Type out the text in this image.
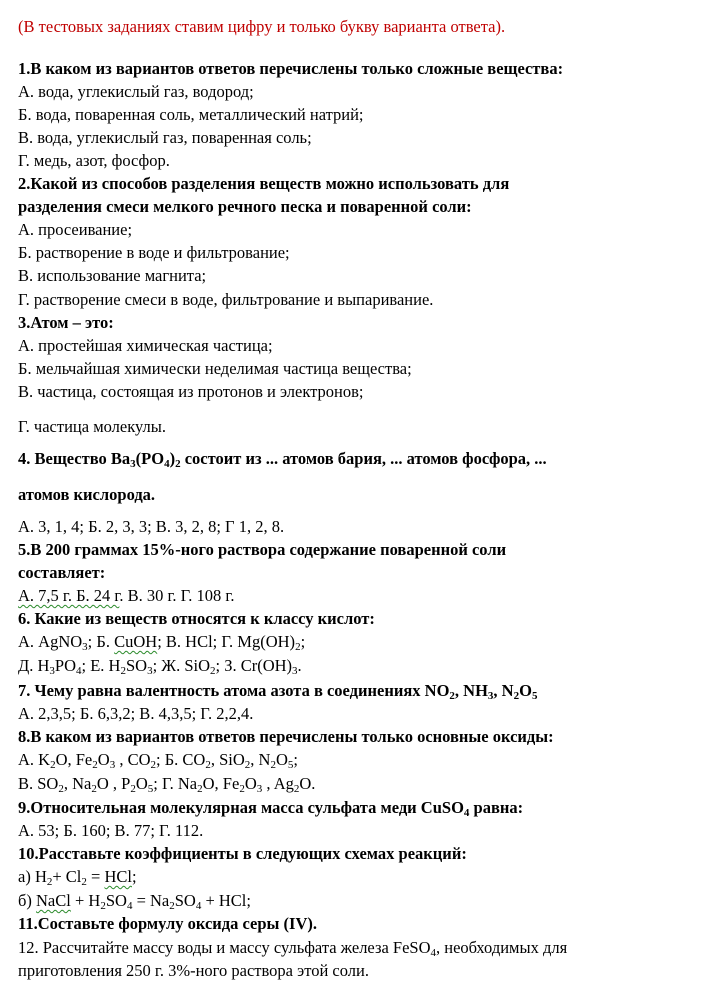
(В тестовых заданиях ставим цифру и только букву варианта ответа).
1.В каком из вариантов ответов перечислены только сложные вещества:
А. вода, углекислый газ, водород;
Б. вода, поваренная соль, металлический натрий;
В. вода, углекислый газ, поваренная соль;
Г. медь, азот, фосфор.
2.Какой из способов разделения веществ можно использовать для
разделения смеси мелкого речного песка и поваренной соли:
А. просеивание;
Б. растворение в воде и фильтрование;
В. использование магнита;
Г. растворение смеси в воде, фильтрование и выпаривание.
3.Атом – это:
А. простейшая химическая частица;
Б. мельчайшая химически неделимая частица вещества;
В. частица, состоящая из протонов и электронов;
Г. частица молекулы.
4. Вещество $Ba_3(PO_4)_2$ состоит из ... атомов бария, ... атомов фосфора, ...
атомов кислорода.
А. 3, 1, 4; Б. 2, 3, 3; В. 3, 2, 8; Г 1, 2, 8.
5.В 200 граммах 15%-ного раствора содержание поваренной соли
составляет:
А. 7,5 г. Б. 24 г. В. 30 г. Г. 108 г.
6. Какие из веществ относятся к классу кислот:
А. AgNO$_3$; Б. CuOH; В. HCl; Г. $Mg(OH)_2$;
Д. $H_3PO_4$; Е. $H_2SO_3$; Ж. SiO$_2$; З. $Cr(OH)_3$.
7. Чему равна валентность атома азота в соединениях $NO_2$, $NH_3$, $N_2O_5$
А. 2,3,5; Б. 6,3,2; В. 4,3,5; Г. 2,2,4.
8.В каком из вариантов ответов перечислены только основные оксиды:
А. $K_2O$, $Fe_2O_3$ , $CO_2$; Б. $CO_2$, SiO$_2$, $N_2O_5$;
В. $SO_2$, $Na_2O$ , $P_2O_5$; Г. $Na_2O$, $Fe_2O_3$ , $Ag_2O$.
9.Относительная молекулярная масса сульфата меди CuSO$_4$ равна:
А. 53; Б. 160; В. 77; Г. 112.
10.Расставьте коэффициенты в следующих схемах реакций:
а) $H_2+ Cl_2$ = HCl;
б) NaCl + $H_2SO_4 = Na_2SO_4$ + HCl;
11.Составьте формулу оксида серы (IV).
12. Рассчитайте массу воды и массу сульфата железа FeSO$_4$, необходимых для
приготовления 250 г. 3%-ного раствора этой соли.
